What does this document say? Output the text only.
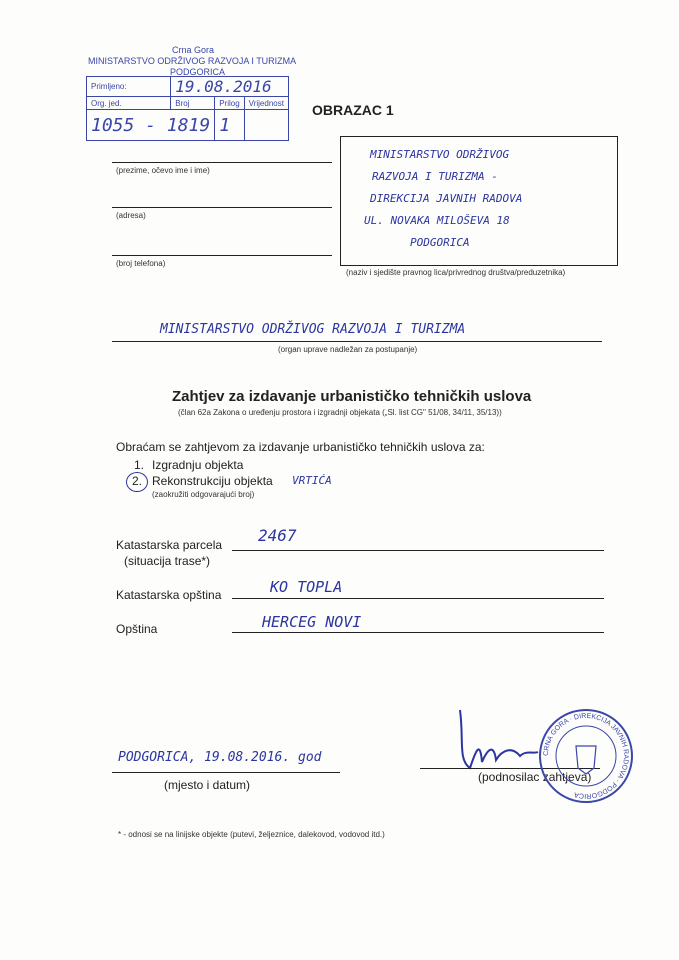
Crna Gora
MINISTARSTVO ODRŽIVOG RAZVOJA I TURIZMA
PODGORICA
Primljeno:	19.08.2016		
Org. jed.	Broj	Prilog	Vrijednost
1055 - 1819		1	
OBRAZAC 1
(prezime, očevo ime i ime)
(adresa)
(broj telefona)
MINISTARSTVO ODRŽIVOG
RAZVOJA I TURIZMA -
DIREKCIJA JAVNIH RADOVA
UL. NOVAKA MILOŠEVA 18
PODGORICA
(naziv i sjedište pravnog lica/privrednog društva/preduzetnika)
MINISTARSTVO ODRŽIVOG RAZVOJA I TURIZMA
(organ uprave nadležan za postupanje)
Zahtjev za izdavanje urbanističko tehničkih uslova
(član 62a Zakona o uređenju prostora i izgradnji objekata („Sl. list CG" 51/08, 34/11, 35/13))
Obraćam se zahtjevom za izdavanje urbanističko tehničkih uslova za:
1. Izgradnju objekta
2. Rekonstrukciju objekta VRTIĆA
(zaokružiti odgovarajući broj)
Katastarska parcela
(situacija trase*)
2467
Katastarska opština	KO TOPLA
Opština	HERCEG NOVI
PODGORICA, 19.08.2016. god
(mjesto i datum)
(podnosilac zahtjeva)
CRNA GORA · DIREKCIJA JAVNIH RADOVA · PODGORICA
* - odnosi se na linijske objekte (putevi, željeznice, dalekovod, vodovod itd.)
